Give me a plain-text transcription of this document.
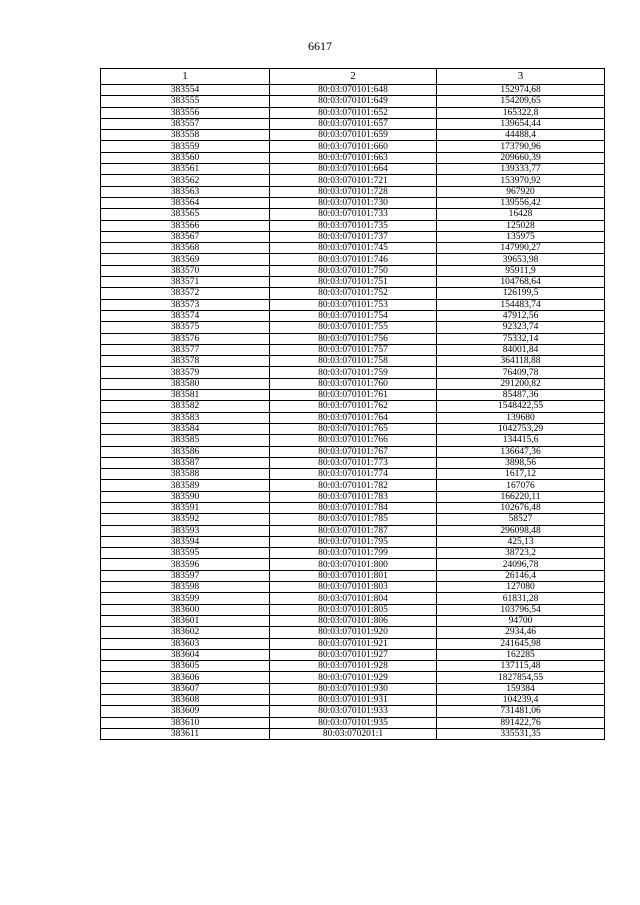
6617
1	2	3
383554	80:03:070101:648	152974,68
383555	80:03:070101:649	154209,65
383556	80:03:070101:652	165322,8
383557	80:03:070101:657	139654,44
383558	80:03:070101:659	44488,4
383559	80:03:070101:660	173790,96
383560	80:03:070101:663	209660,39
383561	80:03:070101:664	139333,77
383562	80:03:070101:721	153970,92
383563	80:03:070101:728	967920
383564	80:03:070101:730	139556,42
383565	80:03:070101:733	16428
383566	80:03:070101:735	125028
383567	80:03:070101:737	135975
383568	80:03:070101:745	147990,27
383569	80:03:070101:746	39653,98
383570	80:03:070101:750	95911,9
383571	80:03:070101:751	104768,64
383572	80:03:070101:752	126199,5
383573	80:03:070101:753	154483,74
383574	80:03:070101:754	47912,56
383575	80:03:070101:755	92323,74
383576	80:03:070101:756	75332,14
383577	80:03:070101:757	84001,84
383578	80:03:070101:758	364118,88
383579	80:03:070101:759	76409,78
383580	80:03:070101:760	291200,82
383581	80:03:070101:761	85487,36
383582	80:03:070101:762	1548422,55
383583	80:03:070101:764	139680
383584	80:03:070101:765	1042753,29
383585	80:03:070101:766	134415,6
383586	80:03:070101:767	136647,36
383587	80:03:070101:773	3898,56
383588	80:03:070101:774	1617,12
383589	80:03:070101:782	167076
383590	80:03:070101:783	166220,11
383591	80:03:070101:784	102676,48
383592	80:03:070101:785	58527
383593	80:03:070101:787	296098,48
383594	80:03:070101:795	425,13
383595	80:03:070101:799	38723,2
383596	80:03:070101:800	24096,78
383597	80:03:070101:801	26146,4
383598	80:03:070101:803	127080
383599	80:03:070101:804	61831,28
383600	80:03:070101:805	103796,54
383601	80:03:070101:806	94700
383602	80:03:070101:920	2934,46
383603	80:03:070101:921	241645,98
383604	80:03:070101:927	162285
383605	80:03:070101:928	137115,48
383606	80:03:070101:929	1827854,55
383607	80:03:070101:930	159384
383608	80:03:070101:931	104239,4
383609	80:03:070101:933	731481,06
383610	80:03:070101:935	891422,76
383611	80:03:070201:1	335531,35
